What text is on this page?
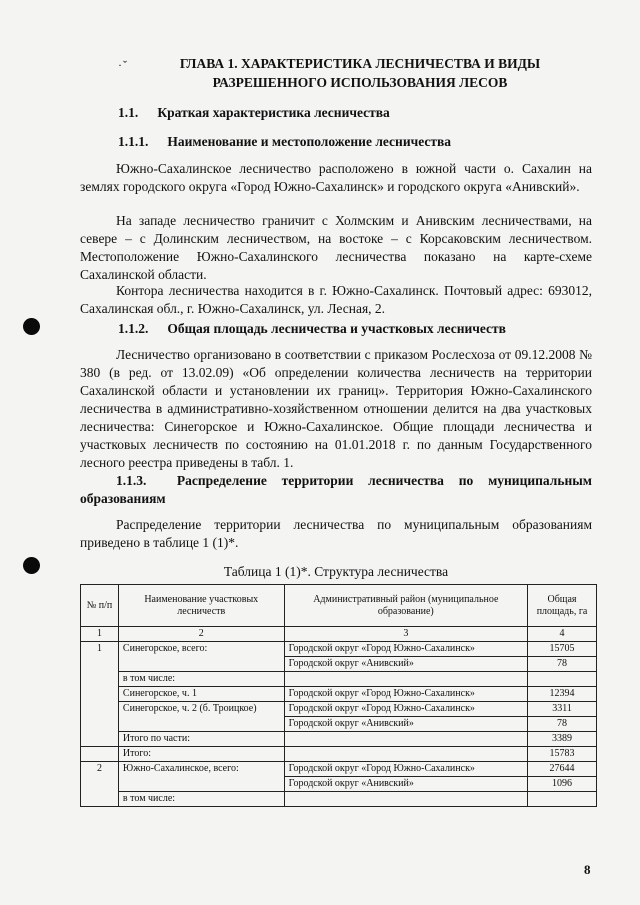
·ˇ	ГЛАВА 1. ХАРАКТЕРИСТИКА ЛЕСНИЧЕСТВА И ВИДЫ
РАЗРЕШЕННОГО ИСПОЛЬЗОВАНИЯ ЛЕСОВ
1.1. Краткая характеристика лесничества
1.1.1. Наименование и местоположение лесничества

Южно-Сахалинское лесничество расположено в южной части о. Сахалин на землях городского округа «Город Южно-Сахалинск» и городского округа «Анивский».

На западе лесничество граничит с Холмским и Анивским лесничествами, на севере – с Долинским лесничеством, на востоке – с Корсаковским лесничеством. Местоположение Южно-Сахалинского лесничества показано на карте-схеме Сахалинской области.

Контора лесничества находится в г. Южно-Сахалинск. Почтовый адрес: 693012, Сахалинская обл., г. Южно-Сахалинск, ул. Лесная, 2.

1.1.2. Общая площадь лесничества и участковых лесничеств

Лесничество организовано в соответствии с приказом Рослесхоза от 09.12.2008 № 380 (в ред. от 13.02.09) «Об определении количества лесничеств на территории Сахалинской области и установлении их границ». Территория Южно-Сахалинского лесничества в административно-хозяйственном отношении делится на два участковых лесничества: Синегорское и Южно-Сахалинское. Общие площади лесничества и участковых лесничеств по состоянию на 01.01.2018 г. по данным Государственного лесного реестра приведены в табл. 1.

1.1.3. Распределение территории лесничества по муниципальным образованиям

Распределение территории лесничества по муниципальным образованиям приведено в таблице 1 (1)*.

Таблица 1 (1)*. Структура лесничества
№ п/п	Наименование участковых лесничеств	Административный район (муниципальное образование)	Общая площадь, га
1	2	3	4
1	Синегорское, всего:	Городской округ «Город Южно-Сахалинск»	15705
		Городской округ «Анивский»	78
	в том числе:		
	Синегорское, ч. 1	Городской округ «Город Южно-Сахалинск»	12394
	Синегорское, ч. 2 (б. Троицкое)	Городской округ «Город Южно-Сахалинск»	3311
		Городской округ «Анивский»	78
	Итого по части:		3389
	Итого:		15783
2	Южно-Сахалинское, всего:	Городской округ «Город Южно-Сахалинск»	27644
		Городской округ «Анивский»	1096
	в том числе:		
8
